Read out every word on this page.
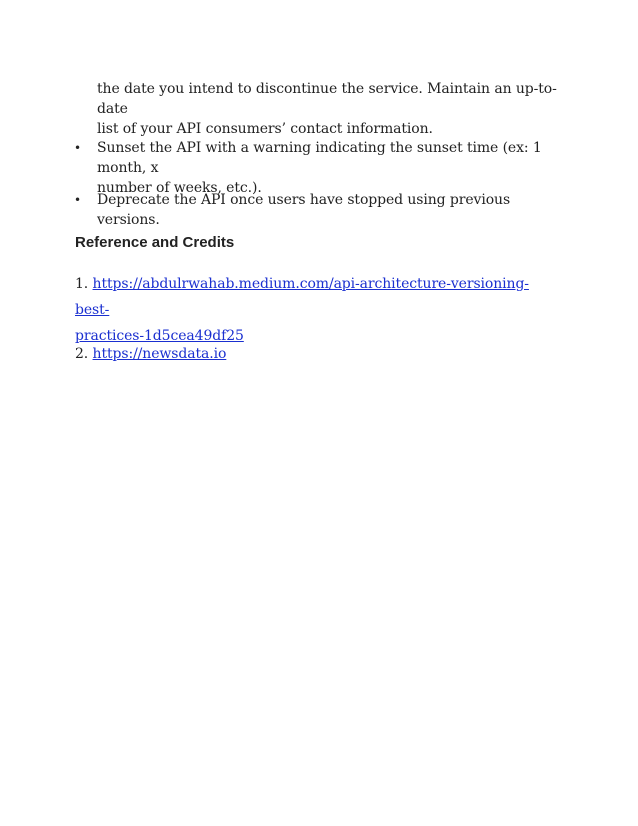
the date you intend to discontinue the service. Maintain an up-to-date
list of your API consumers’ contact information.
• Sunset the API with a warning indicating the sunset time (ex: 1 month, x
number of weeks, etc.).
• Deprecate the API once users have stopped using previous versions.
Reference and Credits
1. https://abdulrwahab.medium.com/api-architecture-versioning-best-
practices-1d5cea49df25
2. https://newsdata.io
